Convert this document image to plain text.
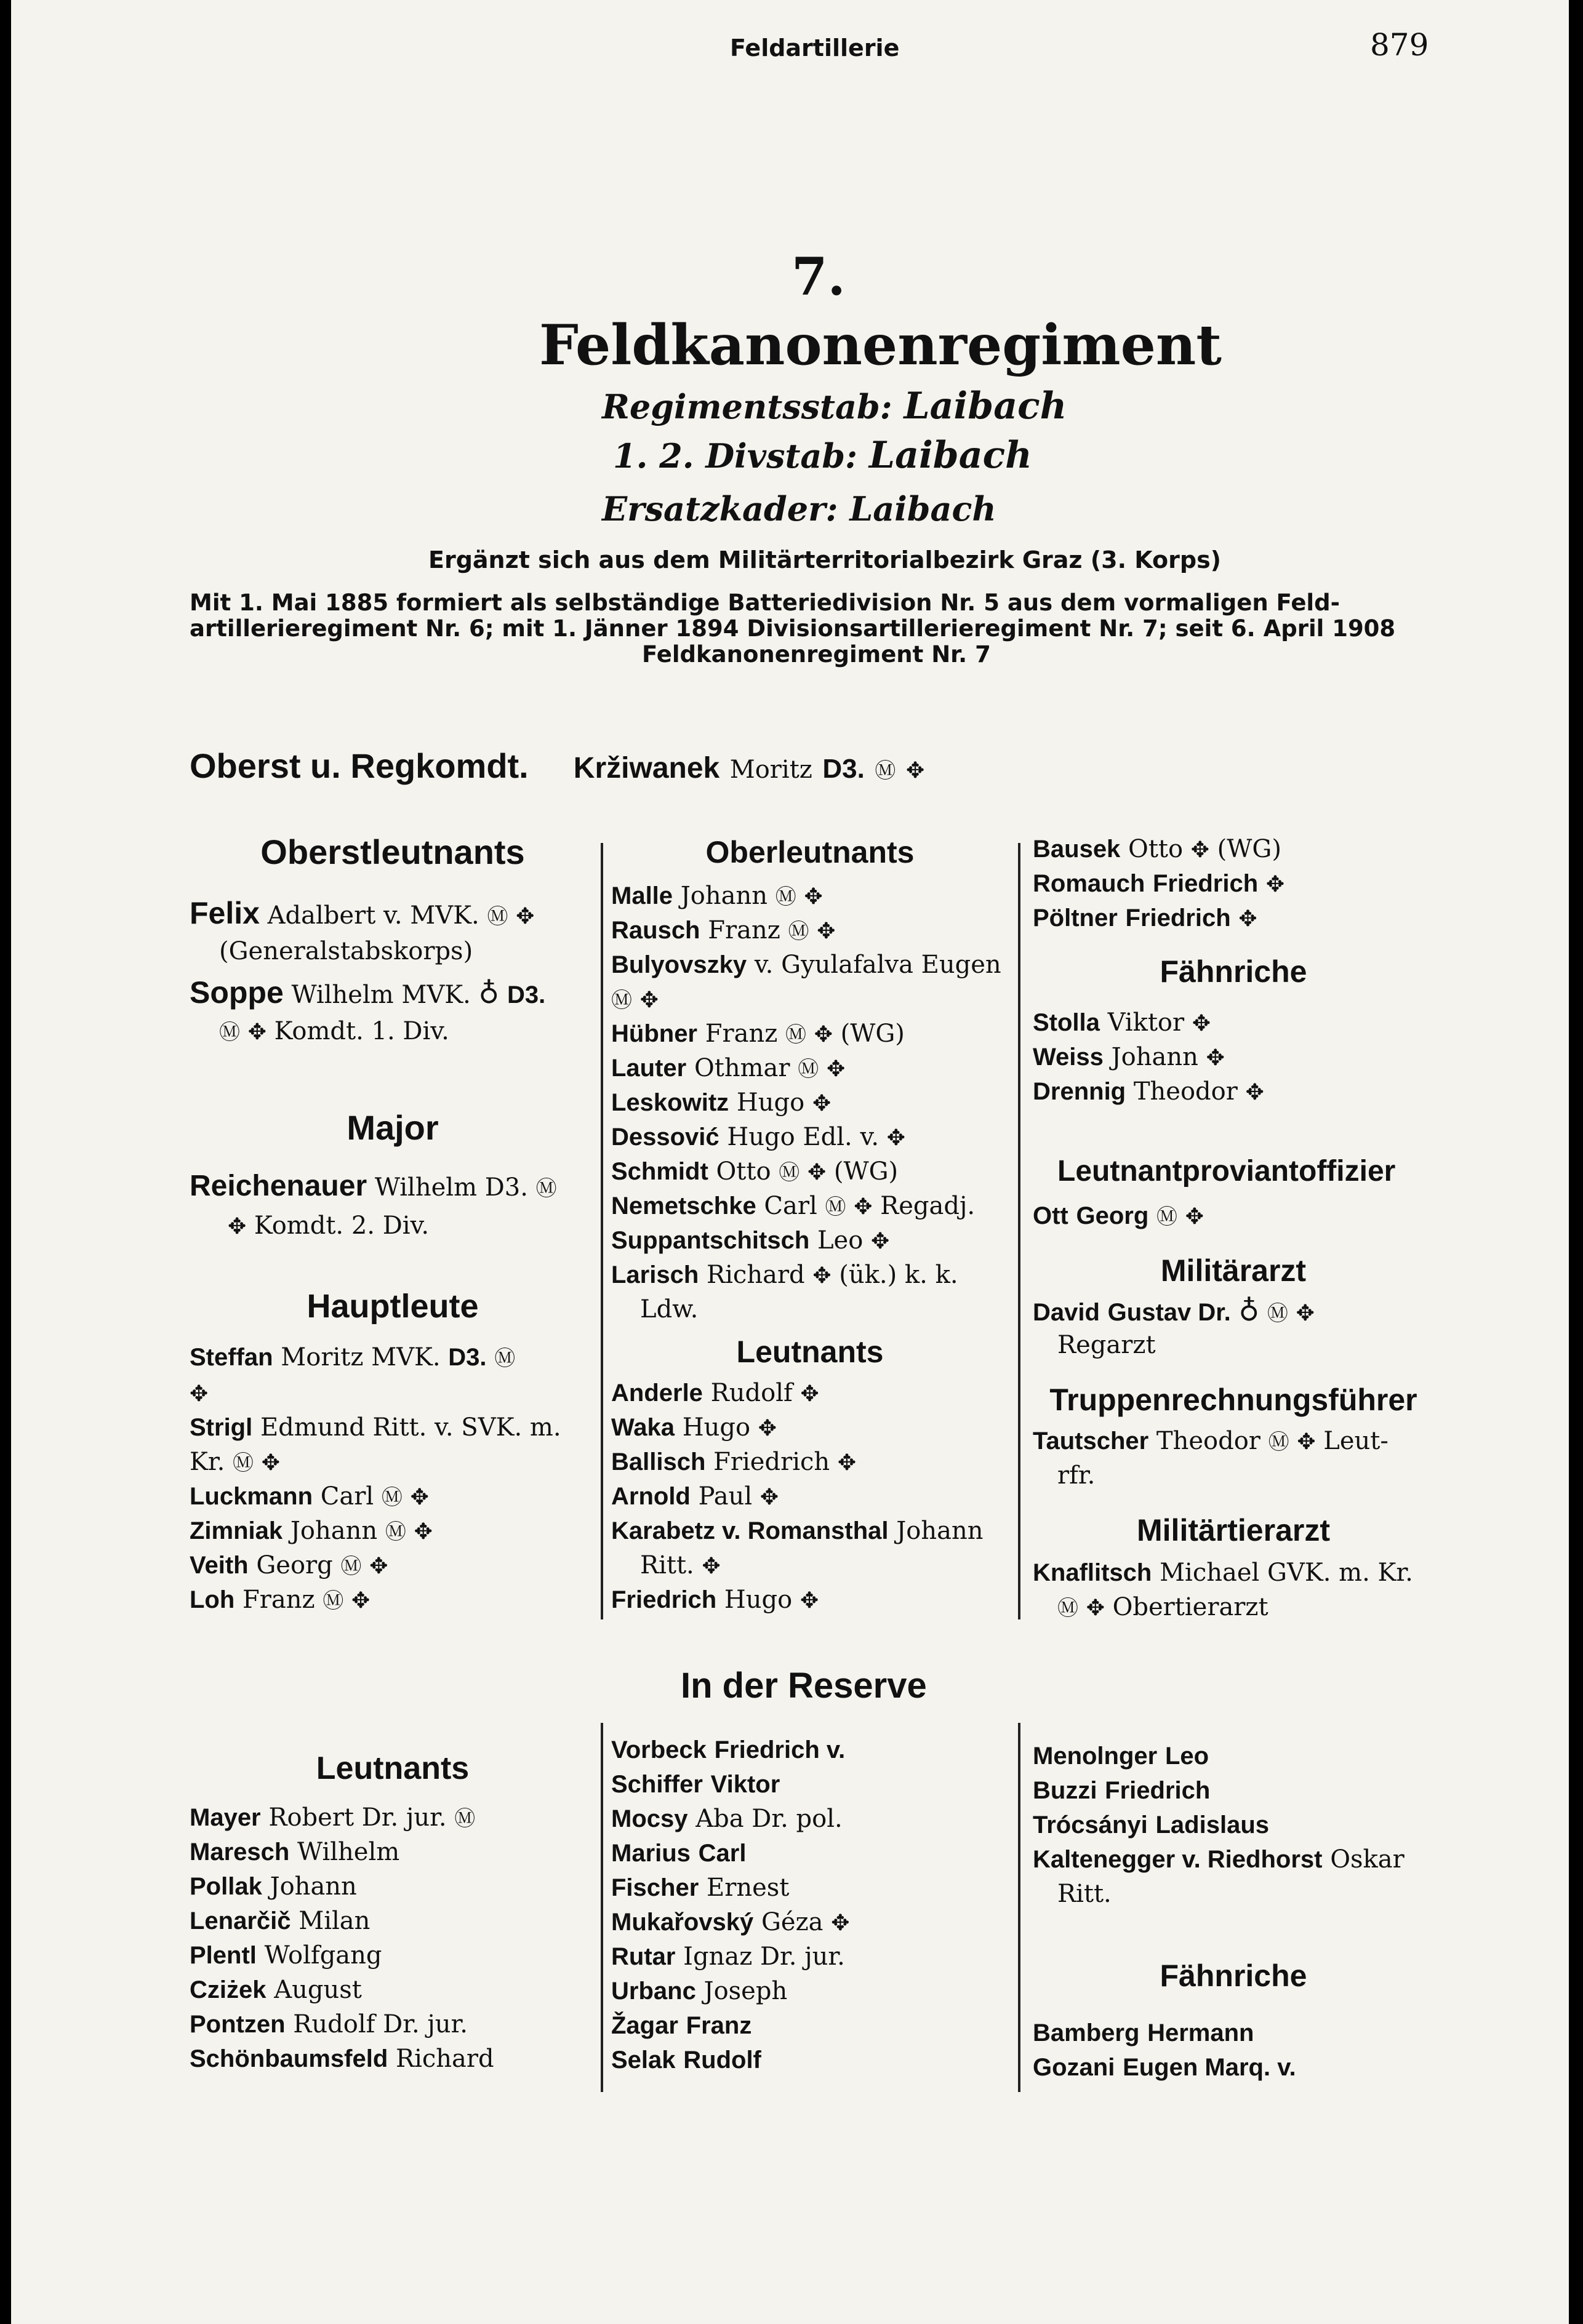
Feldartillerie	879
7.
Feldkanonenregiment
Regimentsstab: Laibach
1. 2. Divstab: Laibach
Ersatzkader: Laibach
Ergänzt sich aus dem Militärterritorialbezirk Graz (3. Korps)
Mit 1. Mai 1885 formiert als selbständige Batteriedivision Nr. 5 aus dem vormaligen Feld-
artillerieregiment Nr. 6; mit 1. Jänner 1894 Divisionsartillerieregiment Nr. 7; seit 6. April 1908
Feldkanonenregiment Nr. 7
Oberst u. Regkomdt. Kržiwanek Moritz D3. Ⓜ ✥
Oberstleutnants
Felix Adalbert v. MVK. Ⓜ ✥
(Generalstabskorps)
Soppe Wilhelm MVK. ♁ D3.
Ⓜ ✥ Komdt. 1. Div.
Major
Reichenauer Wilhelm D3. Ⓜ
✥ Komdt. 2. Div.
Hauptleute
Steffan Moritz MVK. D3. Ⓜ
✥
Strigl Edmund Ritt. v. SVK. m.
Kr. Ⓜ ✥
Luckmann Carl Ⓜ ✥
Zimniak Johann Ⓜ ✥
Veith Georg Ⓜ ✥
Loh Franz Ⓜ ✥
Oberleutnants
Malle Johann Ⓜ ✥
Rausch Franz Ⓜ ✥
Bulyovszky v. Gyulafalva Eugen
Ⓜ ✥
Hübner Franz Ⓜ ✥ (WG)
Lauter Othmar Ⓜ ✥
Leskowitz Hugo ✥
Dessović Hugo Edl. v. ✥
Schmidt Otto Ⓜ ✥ (WG)
Nemetschke Carl Ⓜ ✥ Regadj.
Suppantschitsch Leo ✥
Larisch Richard ✥ (ük.) k. k.
Ldw.
Leutnants
Anderle Rudolf ✥
Waka Hugo ✥
Ballisch Friedrich ✥
Arnold Paul ✥
Karabetz v. Romansthal Johann
Ritt. ✥
Friedrich Hugo ✥
Bausek Otto ✥ (WG)
Romauch Friedrich ✥
Pöltner Friedrich ✥
Fähnriche
Stolla Viktor ✥
Weiss Johann ✥
Drennig Theodor ✥
Leutnantproviantoffizier
Ott Georg Ⓜ ✥
Militärarzt
David Gustav Dr. ♁ Ⓜ ✥
Regarzt
Truppenrechnungsführer
Tautscher Theodor Ⓜ ✥ Leut-
rfr.
Militärtierarzt
Knaflitsch Michael GVK. m. Kr.
Ⓜ ✥ Obertierarzt
In der Reserve
Leutnants
Mayer Robert Dr. jur. Ⓜ
Maresch Wilhelm
Pollak Johann
Lenarčič Milan
Plentl Wolfgang
Cziżek August
Pontzen Rudolf Dr. jur.
Schönbaumsfeld Richard
Vorbeck Friedrich v.
Schiffer Viktor
Mocsy Aba Dr. pol.
Marius Carl
Fischer Ernest
Mukařovský Géza ✥
Rutar Ignaz Dr. jur.
Urbanc Joseph
Žagar Franz
Selak Rudolf
Menolnger Leo
Buzzi Friedrich
Trócsányi Ladislaus
Kaltenegger v. Riedhorst Oskar
Ritt.
Fähnriche
Bamberg Hermann
Gozani Eugen Marq. v.
